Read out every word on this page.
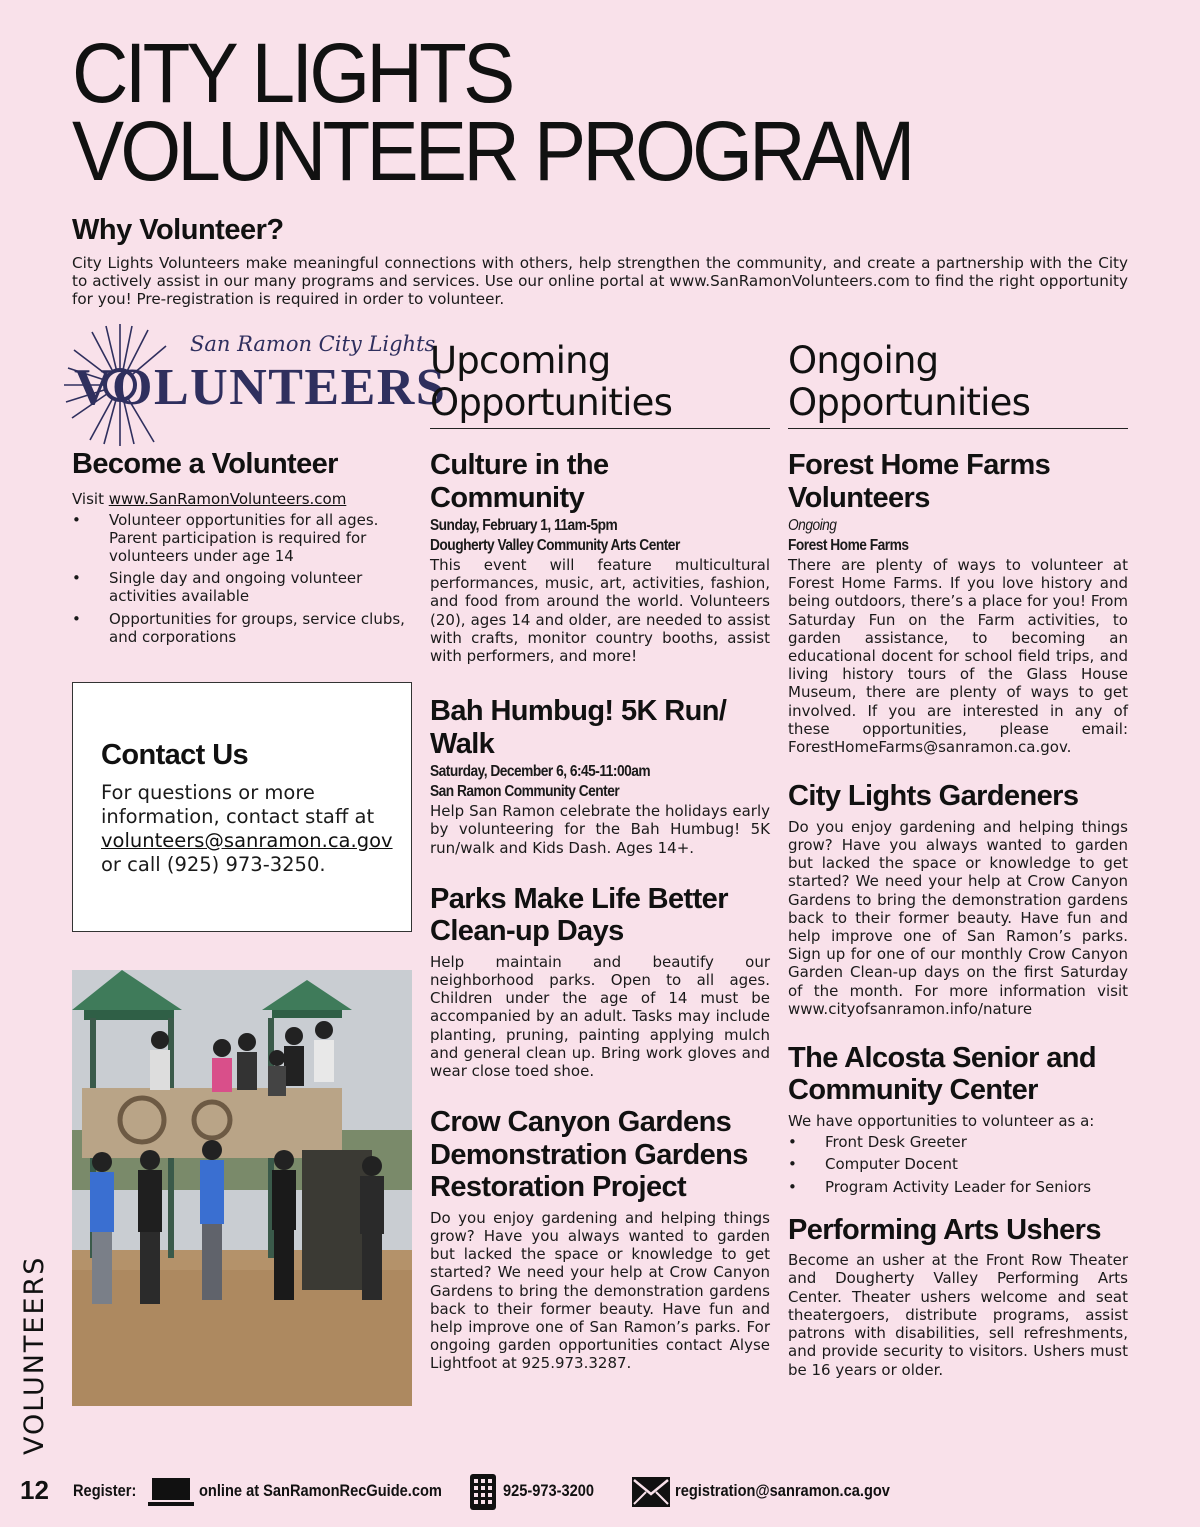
CITY LIGHTS
VOLUNTEER PROGRAM
Why Volunteer?

City Lights Volunteers make meaningful connections with others, help strengthen the community, and create a partnership with the City to actively assist in our many programs and services. Use our online portal at www.SanRamonVolunteers.com to find the right opportunity for you! Pre-registration is required in order to volunteer.

San Ramon City Lights
VOLUNTEERS
Become a Volunteer
Visit www.SanRamonVolunteers.com
• Volunteer opportunities for all ages. Parent participation is required for volunteers under age 14
• Single day and ongoing volunteer activities available
• Opportunities for groups, service clubs, and corporations
Contact Us
For questions or more information, contact staff at
volunteers@sanramon.ca.gov
or call (925) 973-3250.
Upcoming
Opportunities
Culture in the Community
Sunday, February 1, 11am-5pm
Dougherty Valley Community Arts Center

This event will feature multicultural performances, music, art, activities, fashion, and food from around the world. Volunteers (20), ages 14 and older, are needed to assist with crafts, monitor country booths, assist with performers, and more!

Bah Humbug! 5K Run/ Walk
Saturday, December 6, 6:45-11:00am
San Ramon Community Center

Help San Ramon celebrate the holidays early by volunteering for the Bah Humbug! 5K run/walk and Kids Dash. Ages 14+.

Parks Make Life Better Clean-up Days

Help maintain and beautify our neighborhood parks. Open to all ages. Children under the age of 14 must be accompanied by an adult. Tasks may include planting, pruning, painting applying mulch and general clean up. Bring work gloves and wear close toed shoe.

Crow Canyon Gardens Demonstration Gardens Restoration Project

Do you enjoy gardening and helping things grow? Have you always wanted to garden but lacked the space or knowledge to get started? We need your help at Crow Canyon Gardens to bring the demonstration gardens back to their former beauty. Have fun and help improve one of San Ramon’s parks. For ongoing garden opportunities contact Alyse Lightfoot at 925.973.3287.

Ongoing
Opportunities
Forest Home Farms Volunteers
Ongoing
Forest Home Farms

There are plenty of ways to volunteer at Forest Home Farms. If you love history and being outdoors, there’s a place for you! From Saturday Fun on the Farm activities, to garden assistance, to becoming an educational docent for school field trips, and living history tours of the Glass House Museum, there are plenty of ways to get involved. If you are interested in any of these opportunities, please email: ForestHomeFarms@sanramon.ca.gov.

City Lights Gardeners

Do you enjoy gardening and helping things grow? Have you always wanted to garden but lacked the space or knowledge to get started? We need your help at Crow Canyon Gardens to bring the demonstration gardens back to their former beauty. Have fun and help improve one of San Ramon’s parks. Sign up for one of our monthly Crow Canyon Garden Clean-up days on the first Saturday of the month. For more information visit www.cityofsanramon.info/nature

The Alcosta Senior and Community Center

We have opportunities to volunteer as a:

• Front Desk Greeter
• Computer Docent
• Program Activity Leader for Seniors
Performing Arts Ushers

Become an usher at the Front Row Theater and Dougherty Valley Performing Arts Center. Theater ushers welcome and seat theatergoers, distribute programs, assist patrons with disabilities, sell refreshments, and provide security to visitors. Ushers must be 16 years or older.

VOLUNTEERS
12 Register:	online at SanRamonRecGuide.com	925-973-3200	registration@sanramon.ca.gov
